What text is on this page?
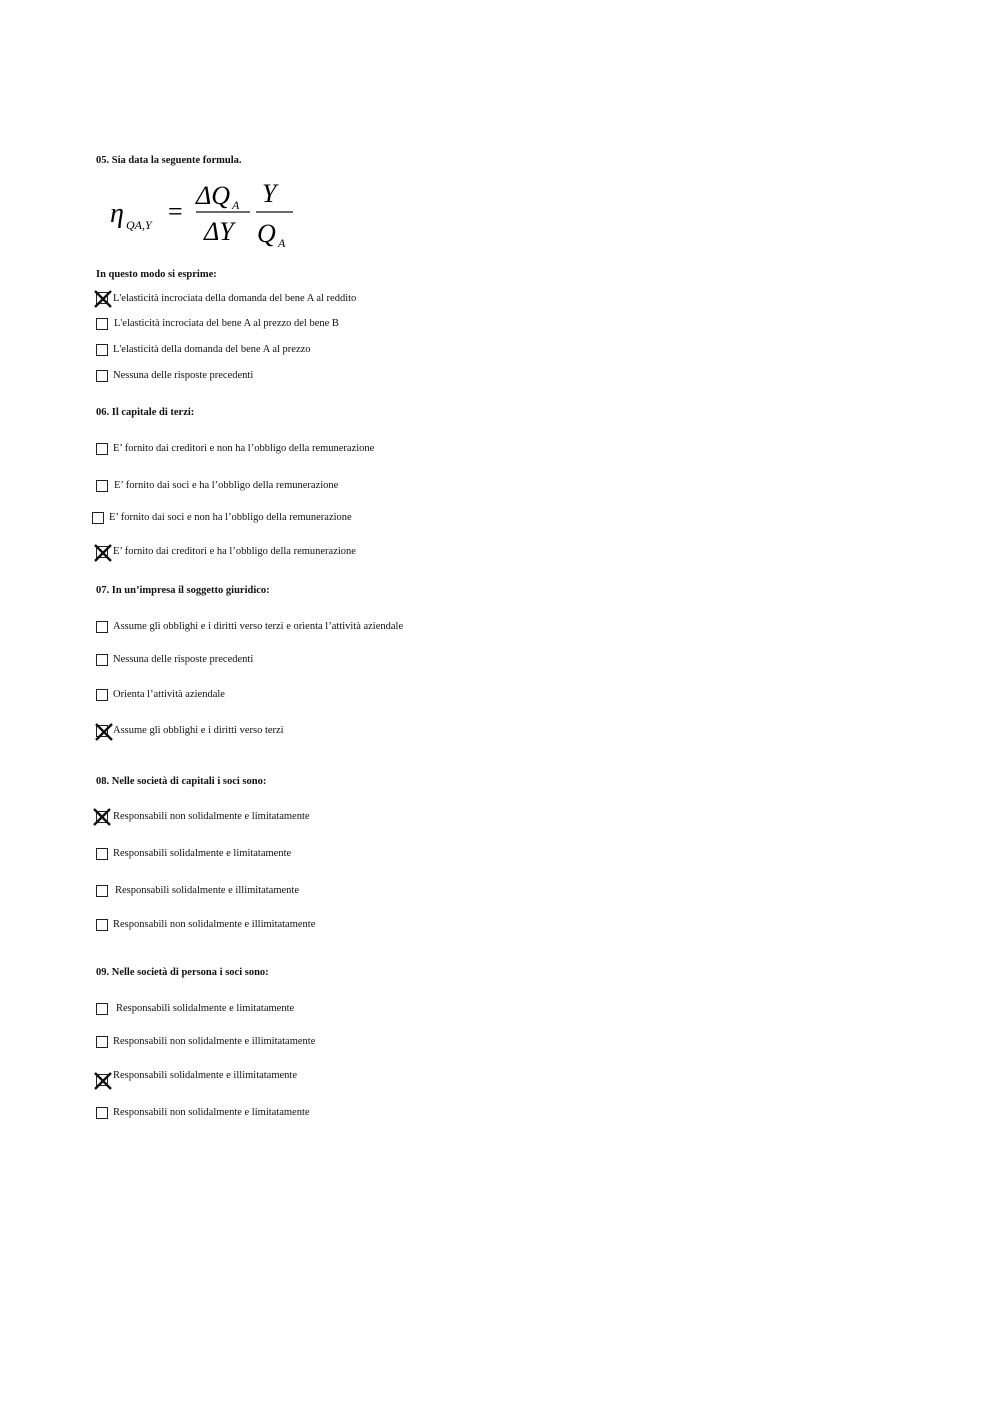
05. Sia data la seguente formula.
η QA,Y =
ΔQ A
ΔY
Y
Q A
In questo modo si esprime:
L'elasticità incrociata della domanda del bene A al reddito
L'elasticità incrociata del bene A al prezzo del bene B
L'elasticità della domanda del bene A al prezzo
Nessuna delle risposte precedenti
06. Il capitale di terzi:
E’ fornito dai creditori e non ha l’obbligo della remunerazione
E’ fornito dai soci e ha l’obbligo della remunerazione
E’ fornito dai soci e non ha l’obbligo della remunerazione
E’ fornito dai creditori e ha l’obbligo della remunerazione
07. In un’impresa il soggetto giuridico:
Assume gli obblighi e i diritti verso terzi e orienta l’attività aziendale
Nessuna delle risposte precedenti
Orienta l’attività aziendale
Assume gli obblighi e i diritti verso terzi
08. Nelle società di capitali i soci sono:
Responsabili non solidalmente e limitatamente
Responsabili solidalmente e limitatamente
Responsabili solidalmente e illimitatamente
Responsabili non solidalmente e illimitatamente
09. Nelle società di persona i soci sono:
Responsabili solidalmente e limitatamente
Responsabili non solidalmente e illimitatamente
Responsabili solidalmente e illimitatamente
Responsabili non solidalmente e limitatamente
